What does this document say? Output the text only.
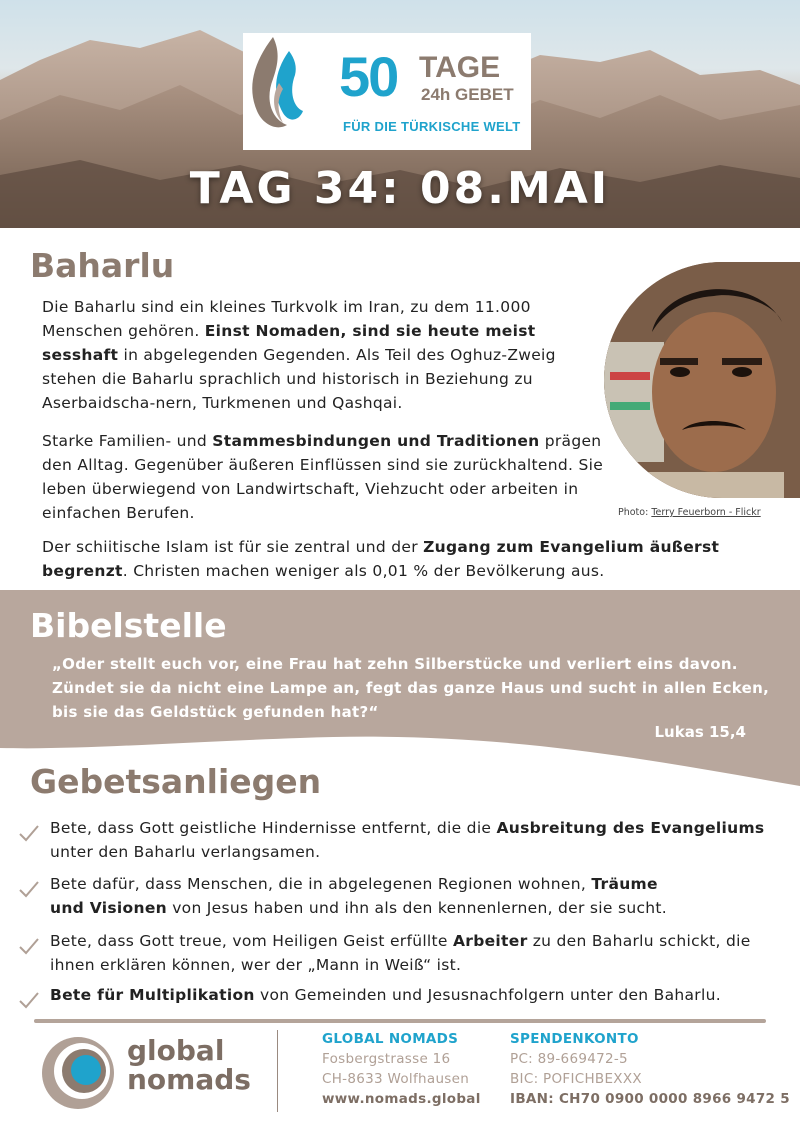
50 TAGE
24h GEBET
FÜR DIE TÜRKISCHE WELT
TAG 34: 08.MAI
Baharlu

Die Baharlu sind ein kleines Turkvolk im Iran, zu dem 11.000 Menschen gehören. Einst Nomaden, sind sie heute meist sesshaft in abgelegenden Gegenden. Als Teil des Oghuz-Zweig stehen die Baharlu sprachlich und historisch in Beziehung zu Aserbaidscha-nern, Turkmenen und Qashqai.

Starke Familien- und Stammesbindungen und Traditionen prägen den Alltag. Gegenüber äußeren Einflüssen sind sie zurückhaltend. Sie leben überwiegend von Landwirtschaft, Viehzucht oder arbeiten in einfachen Berufen.

Der schiitische Islam ist für sie zentral und der Zugang zum Evangelium äußerst begrenzt. Christen machen weniger als 0,01 % der Bevölkerung aus.

Photo: Terry Feuerborn - Flickr
Bibelstelle
„Oder stellt euch vor, eine Frau hat zehn Silberstücke und verliert eins davon. Zündet sie da nicht eine Lampe an, fegt das ganze Haus und sucht in allen Ecken, bis sie das Geldstück gefunden hat?“
Lukas 15,4
Gebetsanliegen
Bete, dass Gott geistliche Hindernisse entfernt, die die Ausbreitung des Evangeliums unter den Baharlu verlangsamen.
Bete dafür, dass Menschen, die in abgelegenen Regionen wohnen, Träume und Visionen von Jesus haben und ihn als den kennenlernen, der sie sucht.
Bete, dass Gott treue, vom Heiligen Geist erfüllte Arbeiter zu den Baharlu schickt, die ihnen erklären können, wer der „Mann in Weiß“ ist.
Bete für Multiplikation von Gemeinden und Jesusnachfolgern unter den Baharlu.
global
nomads
GLOBAL NOMADS
Fosbergstrasse 16
CH-8633 Wolfhausen
www.nomads.global
SPENDENKONTO
PC: 89-669472-5
BIC: POFICHBEXXX
IBAN: CH70 0900 0000 8966 9472 5
